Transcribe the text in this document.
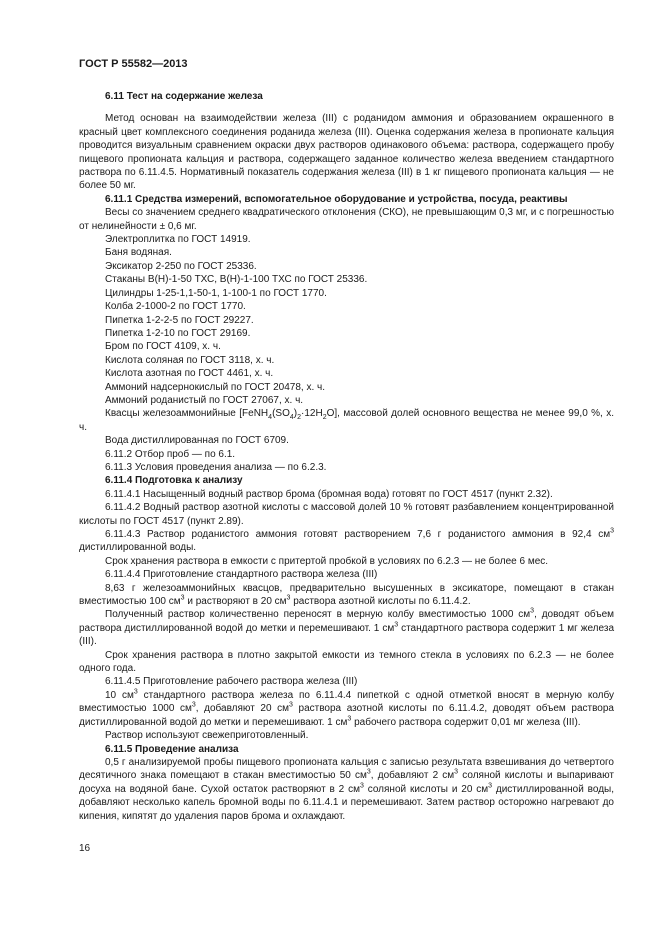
ГОСТ Р 55582—2013

6.11 Тест на содержание железа

Метод основан на взаимодействии железа (III) с роданидом аммония и образованием окрашенного в красный цвет комплексного соединения роданида железа (III). Оценка содержания железа в пропионате кальция проводится визуальным сравнением окраски двух растворов одинакового объема: раствора, содержащего пробу пищевого пропионата кальция и раствора, содержащего заданное количество железа введением стандартного раствора по 6.11.4.5. Нормативный показатель содержания железа (III) в 1 кг пищевого пропионата кальция — не более 50 мг.

6.11.1 Средства измерений, вспомогательное оборудование и устройства, посуда, реактивы

Весы со значением среднего квадратического отклонения (СКО), не превышающим 0,3 мг, и с погрешностью от нелинейности ± 0,6 мг.

Электроплитка по ГОСТ 14919.

Баня водяная.

Эксикатор 2-250 по ГОСТ 25336.

Стаканы В(Н)-1-50 ТХС, В(Н)-1-100 ТХС по ГОСТ 25336.

Цилиндры 1-25-1,1-50-1, 1-100-1 по ГОСТ 1770.

Колба 2-1000-2 по ГОСТ 1770.

Пипетка 1-2-2-5 по ГОСТ 29227.

Пипетка 1-2-10 по ГОСТ 29169.

Бром по ГОСТ 4109, х. ч.

Кислота соляная по ГОСТ 3118, х. ч.

Кислота азотная по ГОСТ 4461, х. ч.

Аммоний надсернокислый по ГОСТ 20478, х. ч.

Аммоний роданистый по ГОСТ 27067, х. ч.

Квасцы железоаммонийные $[FeNH_4(SO_4)_2\cdot 12H_2O]$, массовой долей основного вещества не менее 99,0 %, х. ч.

Вода дистиллированная по ГОСТ 6709.

6.11.2 Отбор проб — по 6.1.

6.11.3 Условия проведения анализа — по 6.2.3.

6.11.4 Подготовка к анализу

6.11.4.1 Насыщенный водный раствор брома (бромная вода) готовят по ГОСТ 4517 (пункт 2.32).

6.11.4.2 Водный раствор азотной кислоты с массовой долей 10 % готовят разбавлением концентрированной кислоты по ГОСТ 4517 (пункт 2.89).

6.11.4.3 Раствор роданистого аммония готовят растворением 7,6 г роданистого аммония в 92,4 $см^3$ дистиллированной воды.

Срок хранения раствора в емкости с притертой пробкой в условиях по 6.2.3 — не более 6 мес.

6.11.4.4 Приготовление стандартного раствора железа (III)

8,63 г железоаммонийных квасцов, предварительно высушенных в эксикаторе, помещают в стакан вместимостью 100 $см^3$ и растворяют в 20 $см^3$ раствора азотной кислоты по 6.11.4.2.

Полученный раствор количественно переносят в мерную колбу вместимостью 1000 $см^3$, доводят объем раствора дистиллированной водой до метки и перемешивают. 1 $см^3$ стандартного раствора содержит 1 мг железа (III).

Срок хранения раствора в плотно закрытой емкости из темного стекла в условиях по 6.2.3 — не более одного года.

6.11.4.5 Приготовление рабочего раствора железа (III)

10 $см^3$ стандартного раствора железа по 6.11.4.4 пипеткой с одной отметкой вносят в мерную колбу вместимостью 1000 $см^3$, добавляют 20 $см^3$ раствора азотной кислоты по 6.11.4.2, доводят объем раствора дистиллированной водой до метки и перемешивают. 1 $см^3$ рабочего раствора содержит 0,01 мг железа (III).

Раствор используют свежеприготовленный.

6.11.5 Проведение анализа

0,5 г анализируемой пробы пищевого пропионата кальция с записью результата взвешивания до четвертого десятичного знака помещают в стакан вместимостью 50 $см^3$, добавляют 2 $см^3$ соляной кислоты и выпаривают досуха на водяной бане. Сухой остаток растворяют в 2 $см^3$ соляной кислоты и 20 $см^3$ дистиллированной воды, добавляют несколько капель бромной воды по 6.11.4.1 и перемешивают. Затем раствор осторожно нагревают до кипения, кипятят до удаления паров брома и охлаждают.

16
